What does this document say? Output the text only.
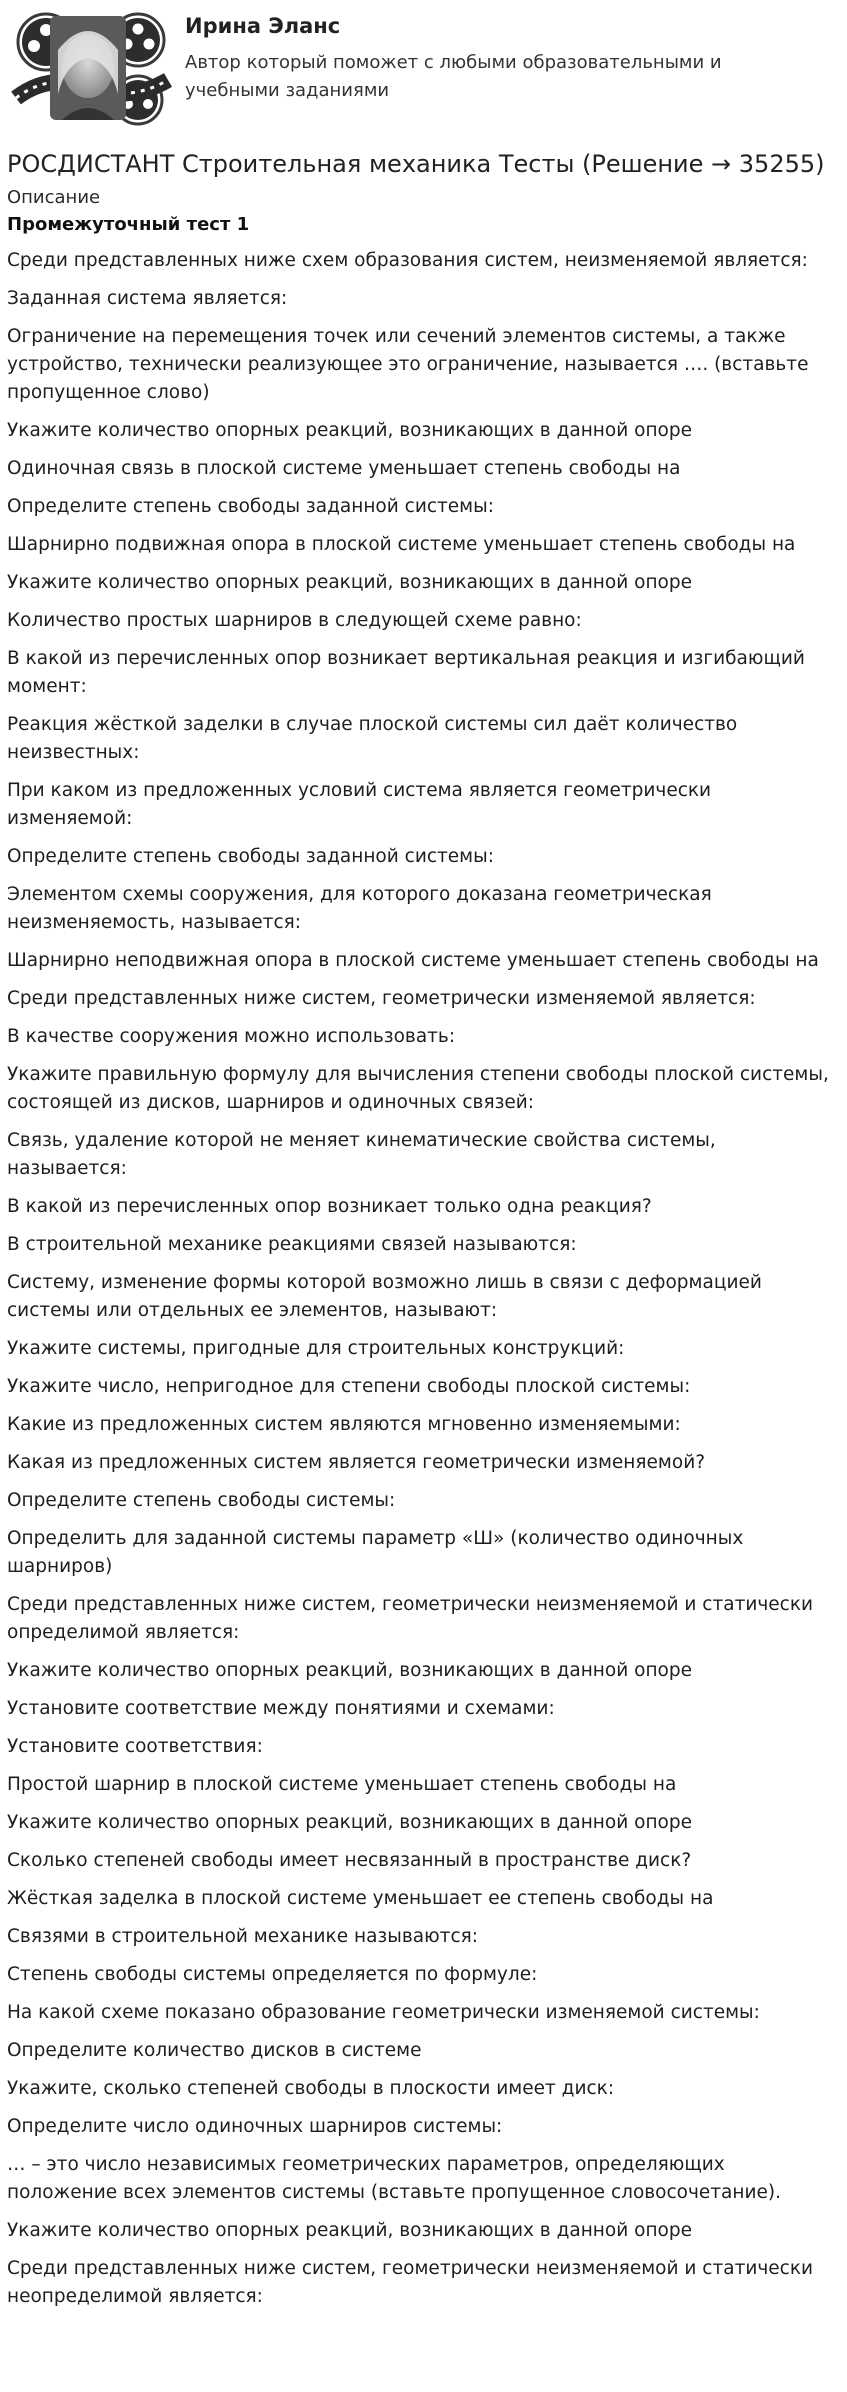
Ирина Эланс
Автор который поможет с любыми образовательными и учебными заданиями
РОСДИСТАНТ Строительная механика Тесты (Решение → 35255)
Описание
Промежуточный тест 1
Среди представленных ниже схем образования систем, неизменяемой является:
Заданная система является:
Ограничение на перемещения точек или сечений элементов системы, а также устройство, технически реализующее это ограничение, называется …. (вставьте пропущенное слово)
Укажите количество опорных реакций, возникающих в данной опоре
Одиночная связь в плоской системе уменьшает степень свободы на
Определите степень свободы заданной системы:
Шарнирно подвижная опора в плоской системе уменьшает степень свободы на
Укажите количество опорных реакций, возникающих в данной опоре
Количество простых шарниров в следующей схеме равно:
В какой из перечисленных опор возникает вертикальная реакция и изгибающий момент:
Реакция жёсткой заделки в случае плоской системы сил даёт количество неизвестных:
При каком из предложенных условий система является геометрически изменяемой:
Определите степень свободы заданной системы:
Элементом схемы сооружения, для которого доказана геометрическая неизменяемость, называется:
Шарнирно неподвижная опора в плоской системе уменьшает степень свободы на
Среди представленных ниже систем, геометрически изменяемой является:
В качестве сооружения можно использовать:
Укажите правильную формулу для вычисления степени свободы плоской системы, состоящей из дисков, шарниров и одиночных связей:
Связь, удаление которой не меняет кинематические свойства системы, называется:
В какой из перечисленных опор возникает только одна реакция?
В строительной механике реакциями связей называются:
Систему, изменение формы которой возможно лишь в связи с деформацией системы или отдельных ее элементов, называют:
Укажите системы, пригодные для строительных конструкций:
Укажите число, непригодное для степени свободы плоской системы:
Какие из предложенных систем являются мгновенно изменяемыми:
Какая из предложенных систем является геометрически изменяемой?
Определите степень свободы системы:
Определить для заданной системы параметр «Ш» (количество одиночных шарниров)
Среди представленных ниже систем, геометрически неизменяемой и статически определимой является:
Укажите количество опорных реакций, возникающих в данной опоре
Установите соответствие между понятиями и схемами:
Установите соответствия:
Простой шарнир в плоской системе уменьшает степень свободы на
Укажите количество опорных реакций, возникающих в данной опоре
Сколько степеней свободы имеет несвязанный в пространстве диск?
Жёсткая заделка в плоской системе уменьшает ее степень свободы на
Связями в строительной механике называются:
Степень свободы системы определяется по формуле:
На какой схеме показано образование геометрически изменяемой системы:
Определите количество дисков в системе
Укажите, сколько степеней свободы в плоскости имеет диск:
Определите число одиночных шарниров системы:
… – это число независимых геометрических параметров, определяющих положение всех элементов системы (вставьте пропущенное словосочетание).
Укажите количество опорных реакций, возникающих в данной опоре
Среди представленных ниже систем, геометрически неизменяемой и статически неопределимой является:
